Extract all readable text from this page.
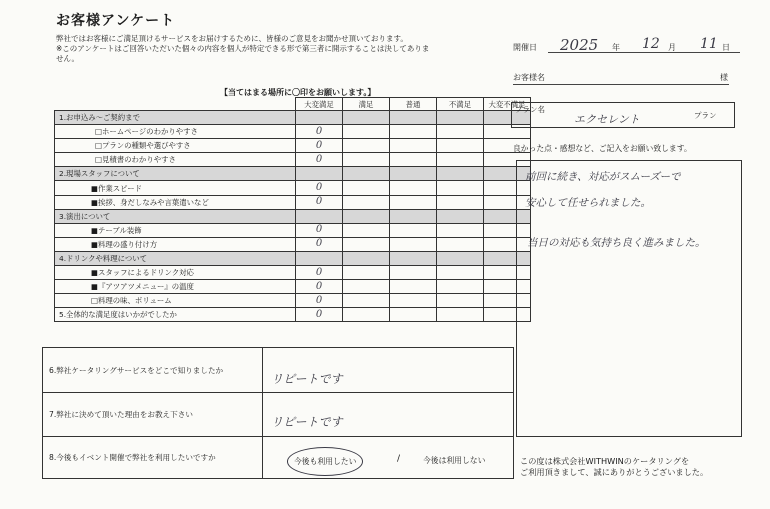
お客様アンケート
弊社ではお客様にご満足頂けるサービスをお届けするために、皆様のご意見をお聞かせ頂いております。
※このアンケートはご回答いただいた個々の内容を個人が特定できる形で第三者に開示することは決してありま
せん。
開催日 2025 年 12 月 11 日
お客様名	様
【当てはまる場所に〇印をお願いします。】
	大変満足	満足	普通	不満足	大変不満足
1.お申込み～ご契約まで					
□ホームページのわかりやすさ	0				
□プランの種類や選びやすさ	0				
□見積書のわかりやすさ	0				
2.現場スタッフについて					
■作業スピード	0				
■挨拶、身だしなみや言葉遣いなど	0				
3.演出について					
■テーブル装飾	0				
■料理の盛り付け方	0				
4.ドリンクや料理について					
■スタッフによるドリンク対応	0				
■『アツアツメニュー』の温度	0				
□料理の味、ボリューム	0				
5.全体的な満足度はいかがでしたか	0				
6.弊社ケータリングサービスをどこで知りましたか	リピートです

7.弊社に決めて頂いた理由をお教え下さい	リピートです

8.今後もイベント開催で弊社を利用したいですか	今後も利用したい / 今後は利用しない
プラン名
エクセレント	プラン
良かった点・感想など、ご記入をお願い致します。
前回に続き、対応がスムーズーで
安心して任せられました。
当日の対応も気持ち良く進みました。
この度は株式会社WITHWINのケータリングを
ご利用頂きまして、誠にありがとうございました。
